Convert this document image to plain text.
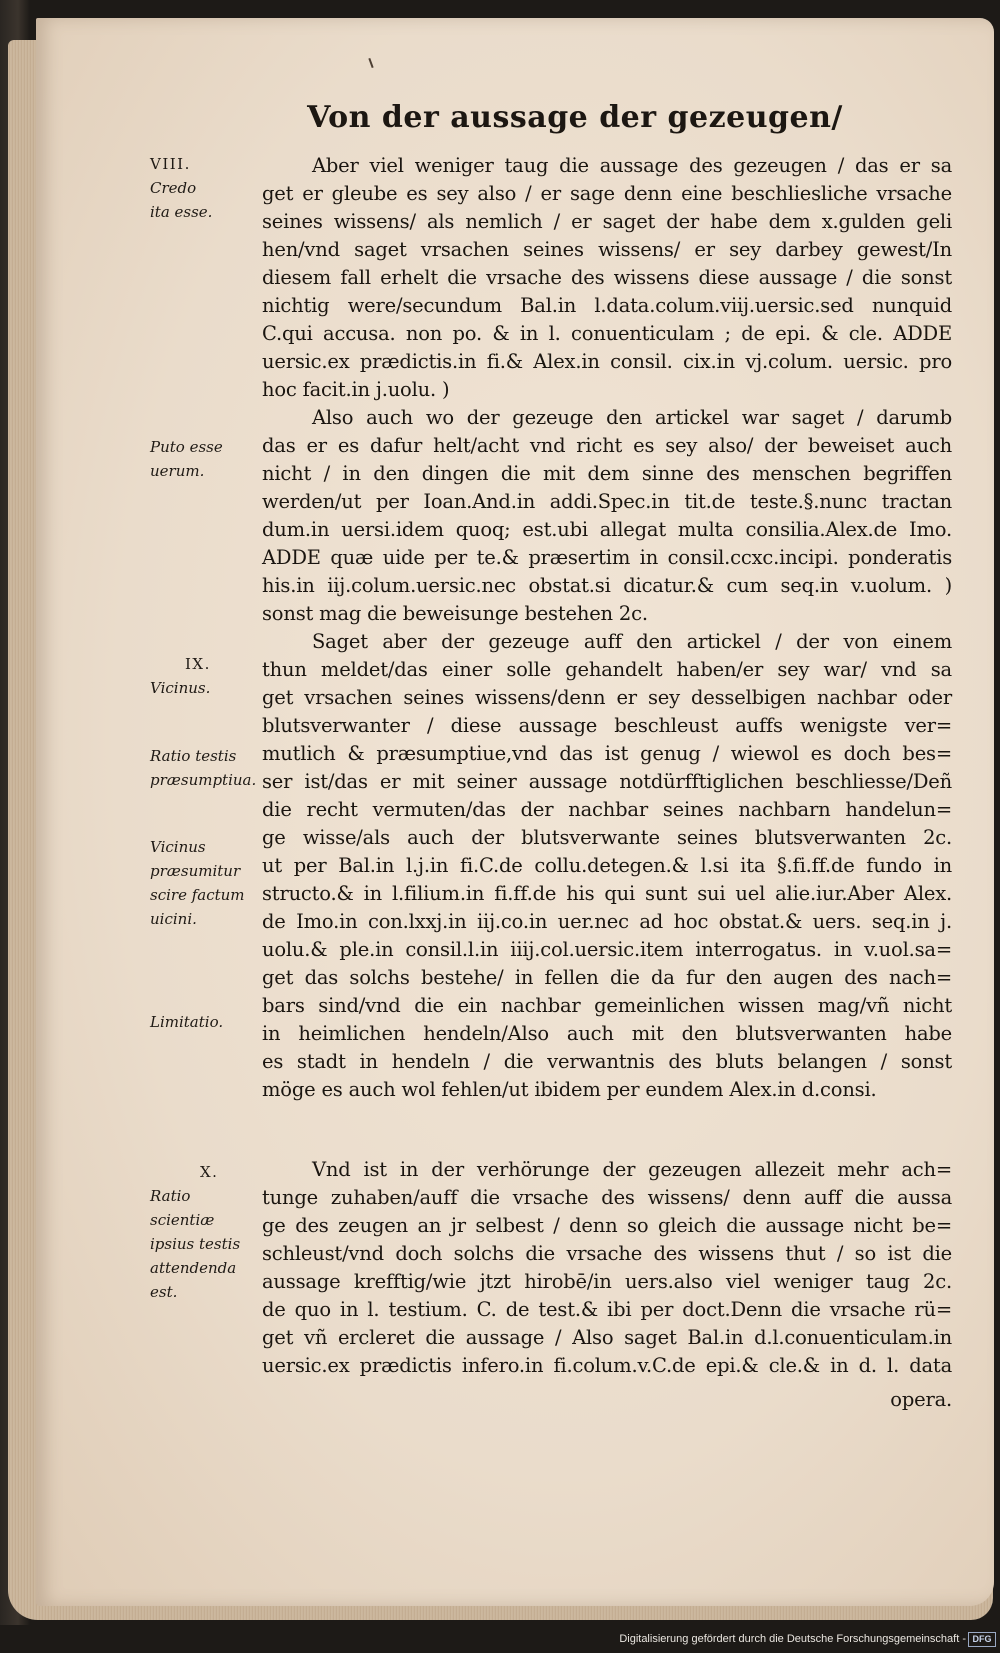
Von der aussage der gezeugen/
VIII.
Credo ita esse.
Puto esse uerum.
IX.
Vicinus.
Ratio testis præsumptiua.
Vicinus præsumitur scire factum uicini.
Limitatio.
X.
Ratio scientiæ ipsius testis attendenda est.
Aber viel weniger taug die aussage des gezeugen / das er sa
get er gleube es sey also / er sage denn eine beschliesliche vrsache
seines wissens/ als nemlich / er saget der habe dem x.gulden geli
hen/vnd saget vrsachen seines wissens/ er sey darbey gewest/In
diesem fall erhelt die vrsache des wissens diese aussage / die sonst
nichtig were/secundum Bal.in l.data.colum.viij.uersic.sed nunquid
C.qui accusa. non po. & in l. conuenticulam ; de epi. & cle. ADDE
uersic.ex prædictis.in fi.& Alex.in consil. cix.in vj.colum. uersic. pro
hoc facit.in j.uolu. )
Also auch wo der gezeuge den artickel war saget / darumb
das er es dafur helt/acht vnd richt es sey also/ der beweiset auch
nicht / in den dingen die mit dem sinne des menschen begriffen
werden/ut per Ioan.And.in addi.Spec.in tit.de teste.§.nunc tractan
dum.in uersi.idem quoq; est.ubi allegat multa consilia.Alex.de Imo.
ADDE quæ uide per te.& præsertim in consil.ccxc.incipi. ponderatis
his.in iij.colum.uersic.nec obstat.si dicatur.& cum seq.in v.uolum. )
sonst mag die beweisunge bestehen 2c.
Saget aber der gezeuge auff den artickel / der von einem
thun meldet/das einer solle gehandelt haben/er sey war/ vnd sa
get vrsachen seines wissens/denn er sey desselbigen nachbar oder
blutsverwanter / diese aussage beschleust auffs wenigste ver=
mutlich & præsumptiue,vnd das ist genug / wiewol es doch bes=
ser ist/das er mit seiner aussage notdürfftiglichen beschliesse/Deñ
die recht vermuten/das der nachbar seines nachbarn handelun=
ge wisse/als auch der blutsverwante seines blutsverwanten 2c.
ut per Bal.in l.j.in fi.C.de collu.detegen.& l.si ita §.fi.ff.de fundo in
structo.& in l.filium.in fi.ff.de his qui sunt sui uel alie.iur.Aber Alex.
de Imo.in con.lxxj.in iij.co.in uer.nec ad hoc obstat.& uers. seq.in j.
uolu.& ple.in consil.l.in iiij.col.uersic.item interrogatus. in v.uol.sa=
get das solchs bestehe/ in fellen die da fur den augen des nach=
bars sind/vnd die ein nachbar gemeinlichen wissen mag/vñ nicht
in heimlichen hendeln/Also auch mit den blutsverwanten habe
es stadt in hendeln / die verwantnis des bluts belangen / sonst
möge es auch wol fehlen/ut ibidem per eundem Alex.in d.consi.
Vnd ist in der verhörunge der gezeugen allezeit mehr ach=
tunge zuhaben/auff die vrsache des wissens/ denn auff die aussa
ge des zeugen an jr selbest / denn so gleich die aussage nicht be=
schleust/vnd doch solchs die vrsache des wissens thut / so ist die
aussage krefftig/wie jtzt hirobē/in uers.also viel weniger taug 2c.
de quo in l. testium. C. de test.& ibi per doct.Denn die vrsache rü=
get vñ ercleret die aussage / Also saget Bal.in d.l.conuenticulam.in
uersic.ex prædictis infero.in fi.colum.v.C.de epi.& cle.& in d. l. data
opera.
Digitalisierung gefördert durch die Deutsche Forschungsgemeinschaft - DFG
